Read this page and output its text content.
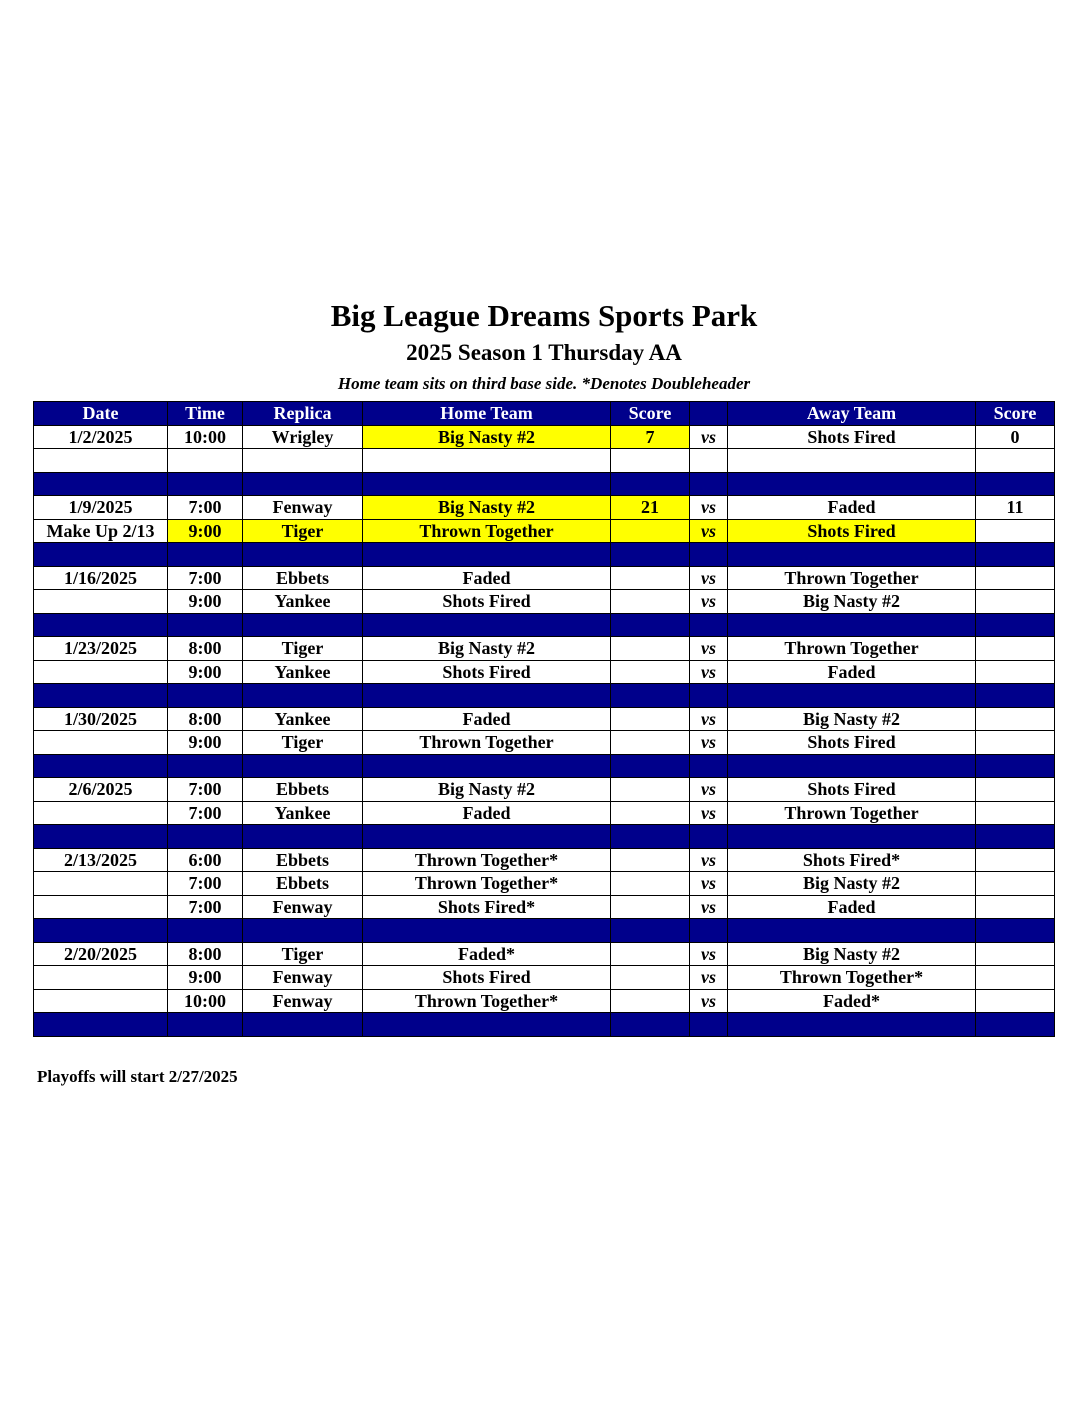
Big League Dreams Sports Park
2025 Season 1 Thursday AA
Home team sits on third base side. *Denotes Doubleheader
Date	Time	Replica	Home Team	Score		Away Team	Score
1/2/2025	10:00	Wrigley	Big Nasty #2	7	vs	Shots Fired	0

1/9/2025	7:00	Fenway	Big Nasty #2	21	vs	Faded	11
Make Up 2/13	9:00	Tiger	Thrown Together		vs	Shots Fired	

1/16/2025	7:00	Ebbets	Faded		vs	Thrown Together	
	9:00	Yankee	Shots Fired		vs	Big Nasty #2	

1/23/2025	8:00	Tiger	Big Nasty #2		vs	Thrown Together	
	9:00	Yankee	Shots Fired		vs	Faded	

1/30/2025	8:00	Yankee	Faded		vs	Big Nasty #2	
	9:00	Tiger	Thrown Together		vs	Shots Fired	

2/6/2025	7:00	Ebbets	Big Nasty #2		vs	Shots Fired	
	7:00	Yankee	Faded		vs	Thrown Together	

2/13/2025	6:00	Ebbets	Thrown Together*		vs	Shots Fired*	
	7:00	Ebbets	Thrown Together*		vs	Big Nasty #2	
	7:00	Fenway	Shots Fired*		vs	Faded	

2/20/2025	8:00	Tiger	Faded*		vs	Big Nasty #2	
	9:00	Fenway	Shots Fired		vs	Thrown Together*	
	10:00	Fenway	Thrown Together*		vs	Faded*	

Playoffs will start 2/27/2025
